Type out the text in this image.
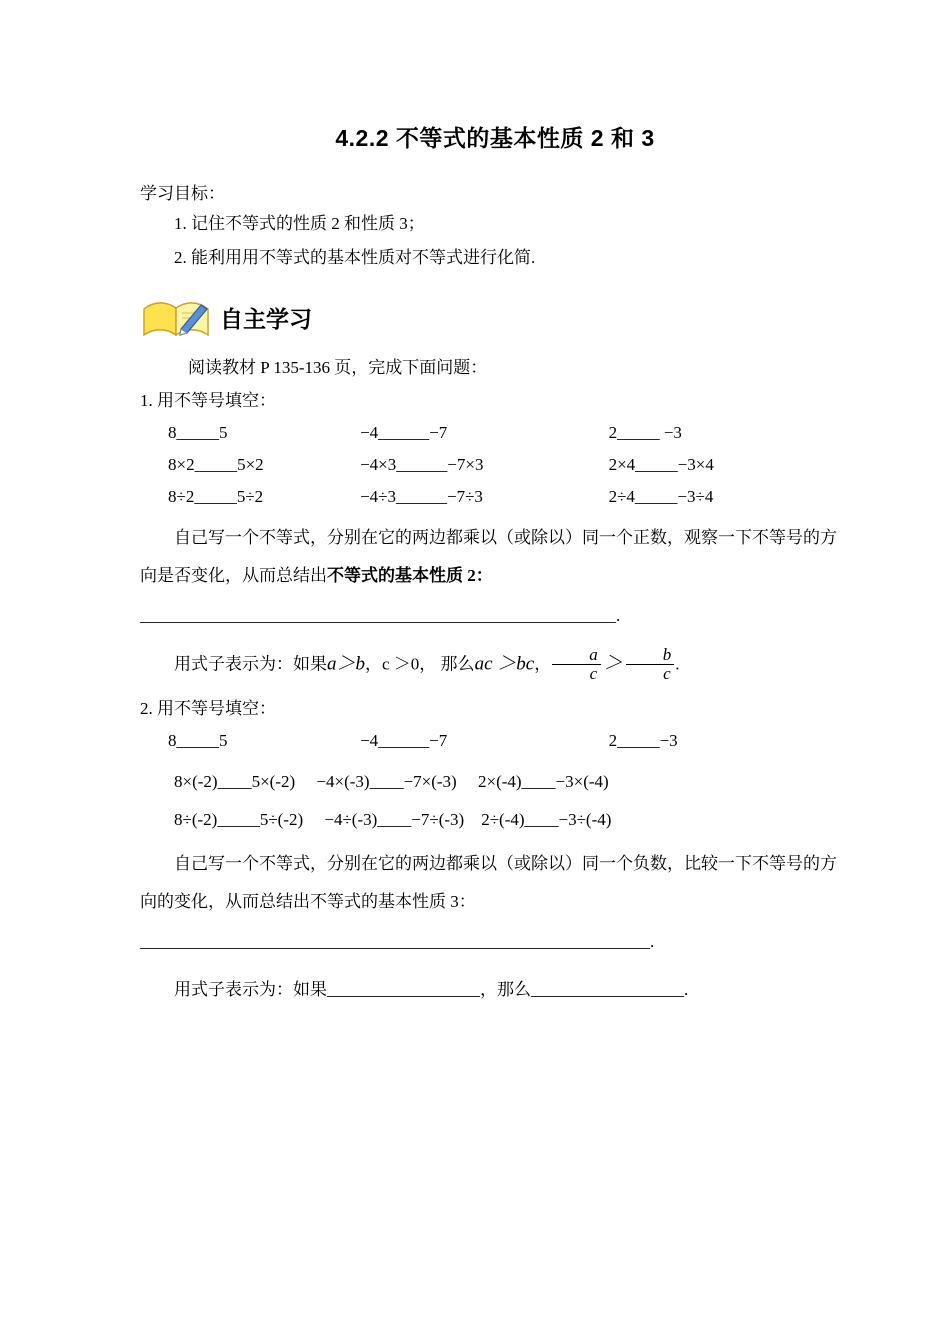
4.2.2 不等式的基本性质 2 和 3
学习目标：
1. 记住不等式的性质 2 和性质 3；
2. 能利用用不等式的基本性质对不等式进行化简.
自主学习
阅读教材 P 135-136 页，完成下面问题：
1. 用不等号填空：
8_____5	−4______−7	2_____ −3
8×2_____5×2	−4×3______−7×3	2×4_____−3×4
8÷2_____5÷2	−4÷3______−7÷3	2÷4_____−3÷4
自己写一个不等式，分别在它的两边都乘以（或除以）同一个正数，观察一下不等号的方向是否变化，从而总结出不等式的基本性质 2：
________________________________________________________.
用式子表示为：如果a＞b，c ＞0， 那么ac ＞bc， $\frac{a}{c} > \frac{b}{c}$ .
2. 用不等号填空：
8_____5	−4______−7	2_____−3
8×(-2)____5×(-2) −4×(-3)____−7×(-3) 2×(-4)____−3×(-4)
8÷(-2)_____5÷(-2) −4÷(-3)____−7÷(-3) 2÷(-4)____−3÷(-4)
自己写一个不等式，分别在它的两边都乘以（或除以）同一个负数，比较一下不等号的方向的变化，从而总结出不等式的基本性质 3：
____________________________________________________________.
用式子表示为：如果__________________，那么__________________.
